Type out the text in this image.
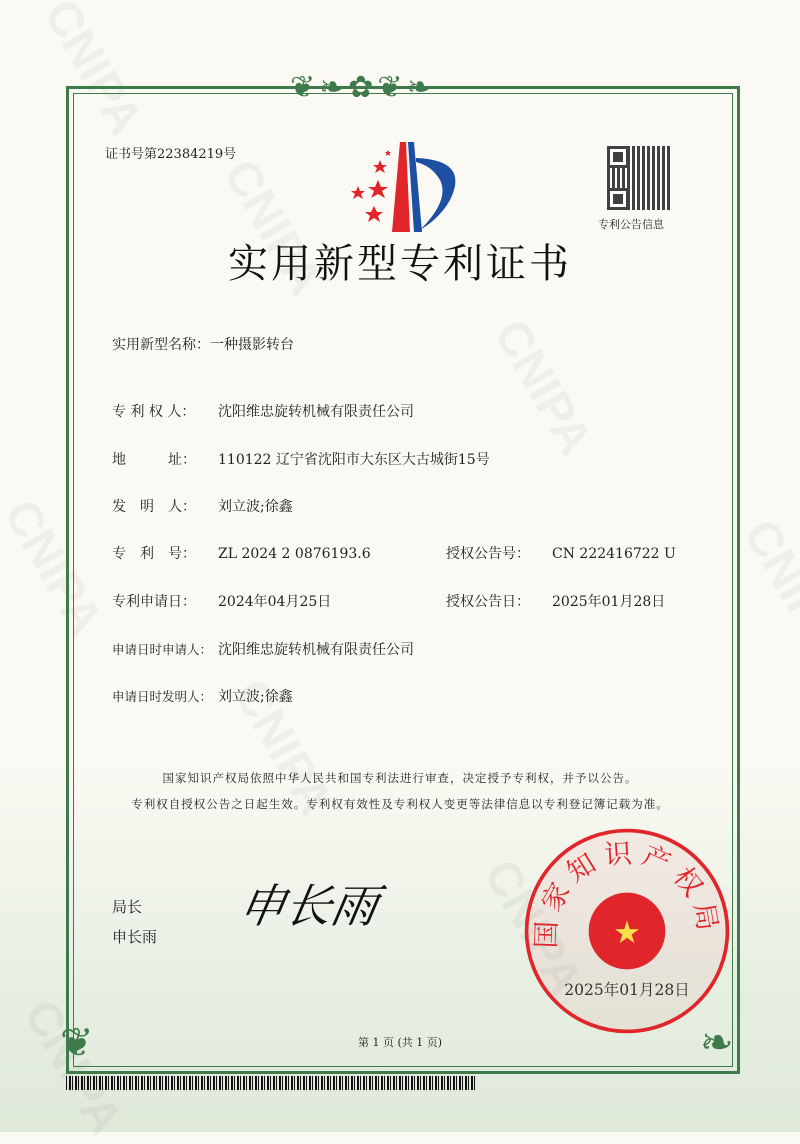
❦❧✿❦❧
❦	❧
证书号第22384219号
专利公告信息
实用新型专利证书
实用新型名称：一种摄影转台
专 利 权 人： 沈阳维忠旋转机械有限责任公司
地　　　址： 110122 辽宁省沈阳市大东区大古城街15号
发　明　人： 刘立波;徐鑫
专　利　号： ZL 2024 2 0876193.6	授权公告号： CN 222416722 U
专利申请日： 2024年04月25日	授权公告日： 2025年01月28日
申请日时申请人： 沈阳维忠旋转机械有限责任公司
申请日时发明人： 刘立波;徐鑫
国家知识产权局依照中华人民共和国专利法进行审查，决定授予专利权，并予以公告。
专利权自授权公告之日起生效。专利权有效性及专利权人变更等法律信息以专利登记簿记载为准。
局长
申长雨
申长雨	国家知识产权局
★
2025年01月28日
第 1 页 (共 1 页)
